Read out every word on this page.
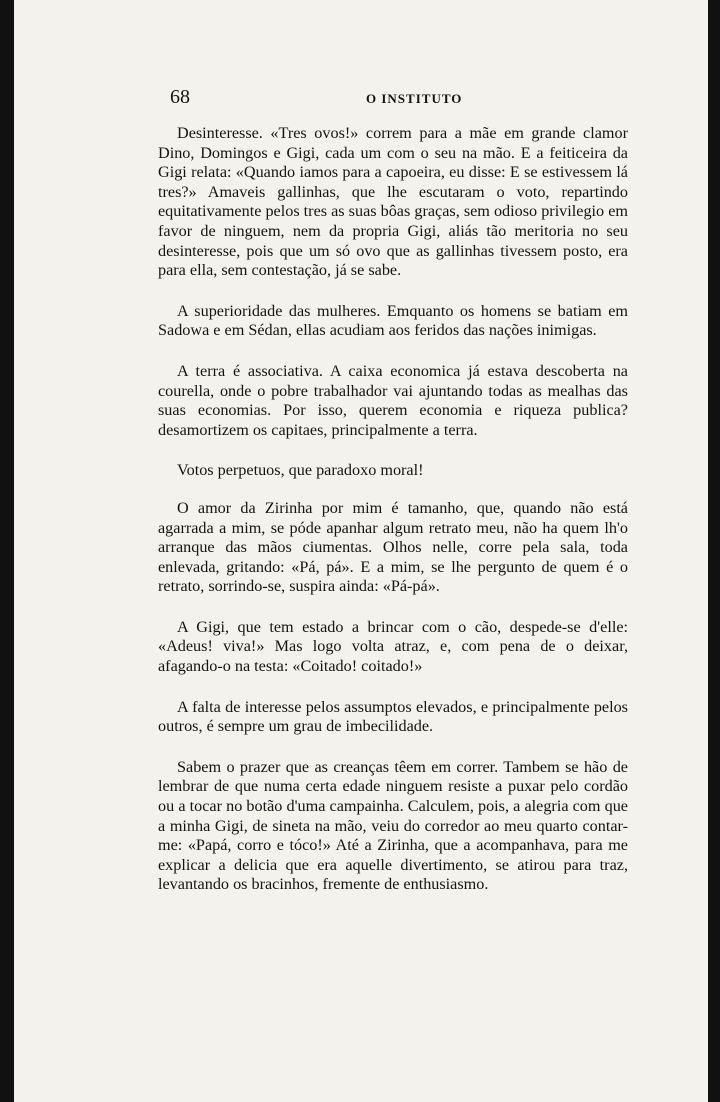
68	O INSTITUTO

Desinteresse. «Tres ovos!» correm para a mãe em grande clamor Dino, Domingos e Gigi, cada um com o seu na mão. E a feiticeira da Gigi relata: «Quando iamos para a capoeira, eu disse: E se estivessem lá tres?» Amaveis gallinhas, que lhe escutaram o voto, repartindo equitativamente pelos tres as suas bôas graças, sem odioso privilegio em favor de ninguem, nem da propria Gigi, aliás tão meritoria no seu desinteresse, pois que um só ovo que as gallinhas tivessem posto, era para ella, sem contestação, já se sabe.

A superioridade das mulheres. Emquanto os homens se batiam em Sadowa e em Sédan, ellas acudiam aos feridos das nações inimigas.

A terra é associativa. A caixa economica já estava descoberta na courella, onde o pobre trabalhador vai ajuntando todas as mealhas das suas economias. Por isso, querem economia e riqueza publica? desamortizem os capitaes, principalmente a terra.

Votos perpetuos, que paradoxo moral!

O amor da Zirinha por mim é tamanho, que, quando não está agarrada a mim, se póde apanhar algum retrato meu, não ha quem lh'o arranque das mãos ciumentas. Olhos nelle, corre pela sala, toda enlevada, gritando: «Pá, pá». E a mim, se lhe pergunto de quem é o retrato, sorrindo-se, suspira ainda: «Pá-pá».

A Gigi, que tem estado a brincar com o cão, despede-se d'elle: «Adeus! viva!» Mas logo volta atraz, e, com pena de o deixar, afagando-o na testa: «Coitado! coitado!»

A falta de interesse pelos assumptos elevados, e principalmente pelos outros, é sempre um grau de imbecilidade.

Sabem o prazer que as creanças têem em correr. Tambem se hão de lembrar de que numa certa edade ninguem resiste a puxar pelo cordão ou a tocar no botão d'uma campainha. Calculem, pois, a alegria com que a minha Gigi, de sineta na mão, veiu do corredor ao meu quarto contar-me: «Papá, corro e tóco!» Até a Zirinha, que a acompanhava, para me explicar a delicia que era aquelle divertimento, se atirou para traz, levantando os bracinhos, fremente de enthusiasmo.
